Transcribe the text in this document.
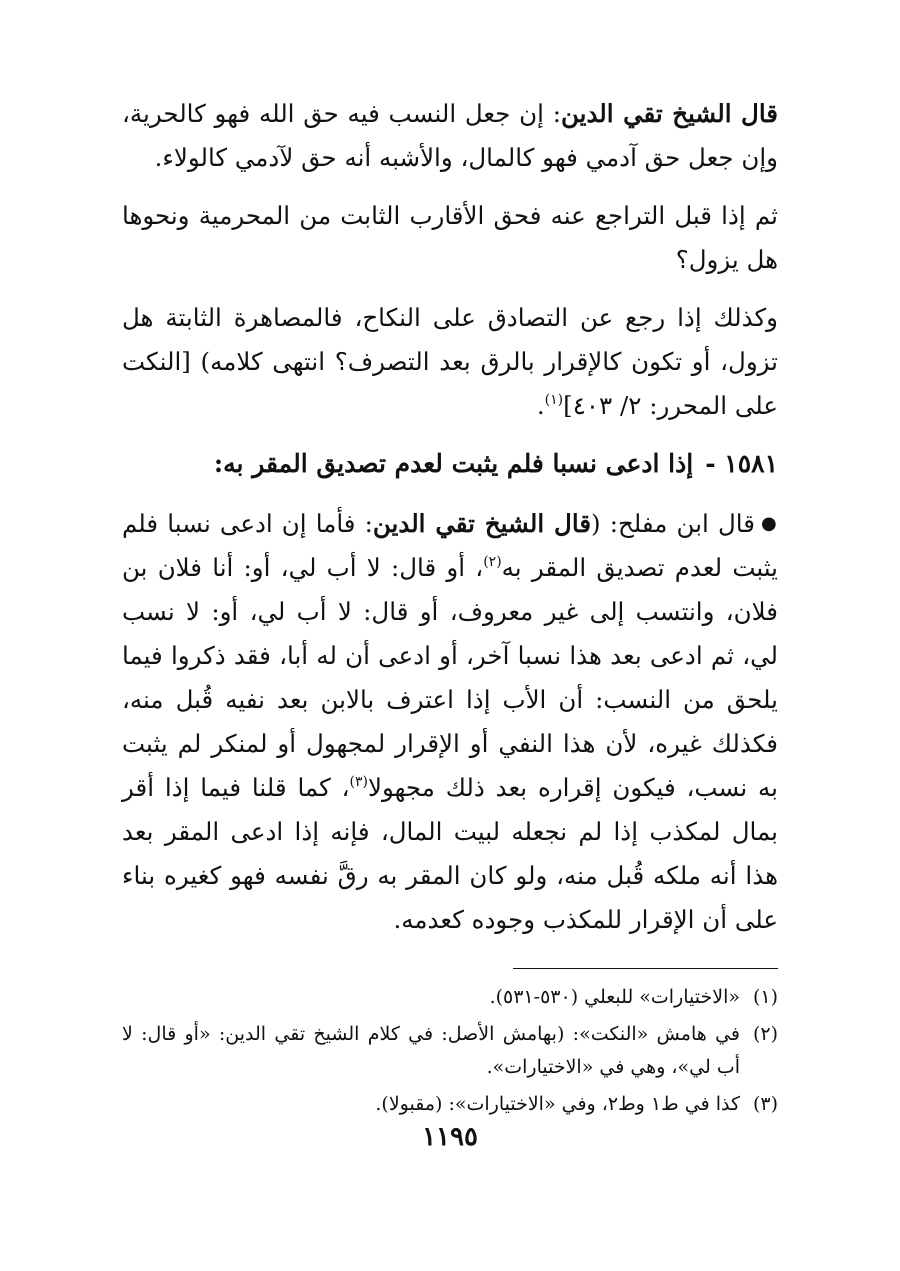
قال الشيخ تقي الدين: إن جعل النسب فيه حق الله فهو كالحرية، وإن جعل حق آدمي فهو كالمال، والأشبه أنه حق لآدمي كالولاء.

ثم إذا قبل التراجع عنه فحق الأقارب الثابت من المحرمية ونحوها هل يزول؟

وكذلك إذا رجع عن التصادق على النكاح، فالمصاهرة الثابتة هل تزول، أو تكون كالإقرار بالرق بعد التصرف؟ انتهى كلامه) [النكت على المحرر: ٢/ ٤٠٣]$^{(١)}$.

١٥٨١ -إذا ادعى نسبا فلم يثبت لعدم تصديق المقر به:

●قال ابن مفلح: (قال الشيخ تقي الدين: فأما إن ادعى نسبا فلم يثبت لعدم تصديق المقر به$^{(٢)}$، أو قال: لا أب لي، أو: أنا فلان بن فلان، وانتسب إلى غير معروف، أو قال: لا أب لي، أو: لا نسب لي، ثم ادعى بعد هذا نسبا آخر، أو ادعى أن له أبا، فقد ذكروا فيما يلحق من النسب: أن الأب إذا اعترف بالابن بعد نفيه قُبل منه، فكذلك غيره، لأن هذا النفي أو الإقرار لمجهول أو لمنكر لم يثبت به نسب، فيكون إقراره بعد ذلك مجهولا$^{(٣)}$، كما قلنا فيما إذا أقر بمال لمكذب إذا لم نجعله لبيت المال، فإنه إذا ادعى المقر بعد هذا أنه ملكه قُبل منه، ولو كان المقر به رقَّ نفسه فهو كغيره بناء على أن الإقرار للمكذب وجوده كعدمه.

(١)
«الاختيارات» للبعلي (٥٣٠-٥٣١).
(٢)
في هامش «النكت»: (بهامش الأصل: في كلام الشيخ تقي الدين: «أو قال: لا أب لي»، وهي في «الاختيارات».
(٣)
كذا في ط١ وط٢، وفي «الاختيارات»: (مقبولا).
١١٩٥
